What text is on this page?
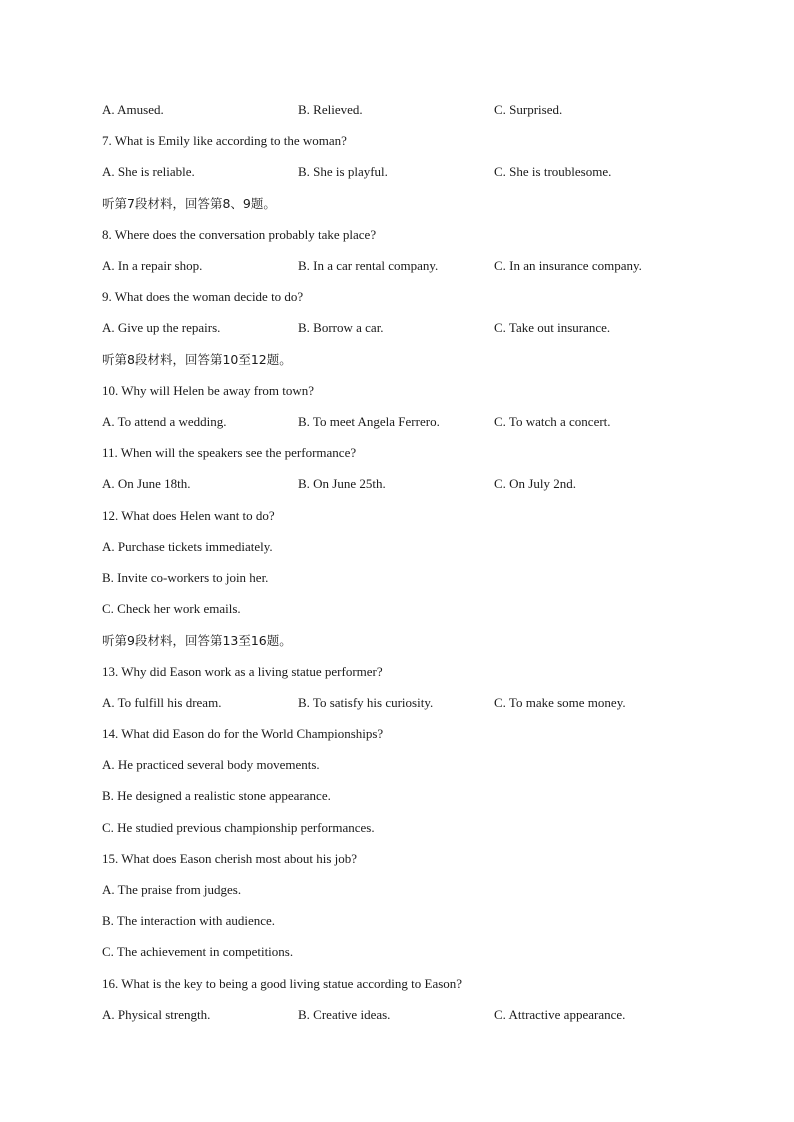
A. Amused.	B. Relieved.	C. Surprised.
7. What is Emily like according to the woman?
A. She is reliable.	B. She is playful.	C. She is troublesome.
听第7段材料，回答第8、9题。
8. Where does the conversation probably take place?
A. In a repair shop.	B. In a car rental company.	C. In an insurance company.
9. What does the woman decide to do?
A. Give up the repairs.	B. Borrow a car.	C. Take out insurance.
听第8段材料，回答第10至12题。
10. Why will Helen be away from town?
A. To attend a wedding.	B. To meet Angela Ferrero.	C. To watch a concert.
11. When will the speakers see the performance?
A. On June 18th.	B. On June 25th.	C. On July 2nd.
12. What does Helen want to do?
A. Purchase tickets immediately.
B. Invite co-workers to join her.
C. Check her work emails.
听第9段材料，回答第13至16题。
13. Why did Eason work as a living statue performer?
A. To fulfill his dream.	B. To satisfy his curiosity.	C. To make some money.
14. What did Eason do for the World Championships?
A. He practiced several body movements.
B. He designed a realistic stone appearance.
C. He studied previous championship performances.
15. What does Eason cherish most about his job?
A. The praise from judges.
B. The interaction with audience.
C. The achievement in competitions.
16. What is the key to being a good living statue according to Eason?
A. Physical strength.	B. Creative ideas.	C. Attractive appearance.
